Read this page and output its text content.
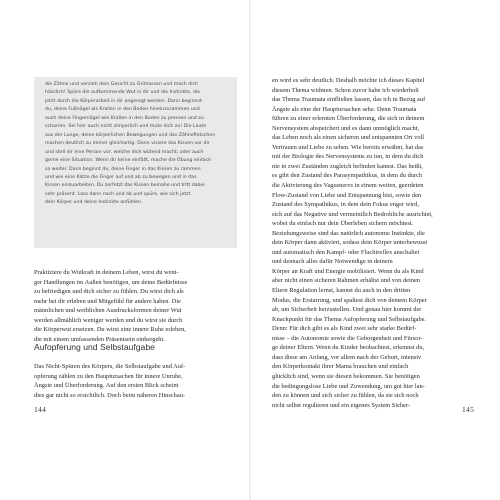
die Zähne und verzieh dein Gesicht zu Grimassen und mach dich
hässlich! Spüre die aufkommende Wut in dir und die Instinkte, die
jetzt durch die Körperarbeit in dir angeregt werden. Dann beginnst
du, deine Fußnägel als Krallen in den Boden hineinzurammen und
auch deine Fingernägel wie Krallen in den Boden zu pressen und zu
scharren. Sei hier auch nicht zimperlich und mute dich zu! Die Laute
aus der Lunge, deine körperlichen Bewegungen und das Zähnefletschen
machen deutlich zu immer gleichartig. Dann visiere das Kissen vor dir
und stell dir eine Person vor, welche dich wütend macht; oder auch
gerne eine Situation. Wenn dir keine einfällt, mache die Übung einfach
so weiter. Dann beginnt du, deine Finger in das Kissen zu rammen
und wie eine Katze die Finger auf und ab zu bewegen und in das
Kissen einzuarbeiten. Du zerfetzt das Kissen beinahe und tritt dabei
sehr präsent. Lass dann nach und ab und spüre, wie sich jetzt
dein Körper und deine Instinkte anfühlen.
Praktiziere du Wutkraft in deinem Leben, wirst du weni-
ger Handlungen im Außen benötigen, um deine Bedürfnisse
zu befriedigen und dich sicher zu fühlen. Du wirst dich als
mehr bei dir erleben und Mitgefühl für andere haben. Die
männlichen und weiblichen Ausdrucksformen deiner Wut
werden allmählich weniger werden und du wirst sie durch
die Körperwut ersetzen. Du wirst eine innere Ruhe erleben,
die mit einem umfassenden Präsentsein einhergeht.
Aufopferung und Selbstaufgabe
Das Nicht-Spüren des Körpers, die Selbstaufgabe und Auf-
opferung zählen zu den Hauptursachen für innere Unruhe,
Ängste und Überforderung. Auf den ersten Blick scheint
dies gar nicht so ersichtlich. Doch beim näheren Hinschau-
144
en wird es sehr deutlich. Deshalb möchte ich dieses Kapitel
diesem Thema widmen. Schon zuvor habe ich wiederholt
das Thema Traumata einfließen lassen, das ich in Bezug auf
Ängste als eine der Hauptursachen sehe. Denn Traumata
führen zu einer erlernten Überforderung, die sich in deinem
Nervensystem abspeichert und es dann unmöglich macht,
das Leben noch als einen sicheren und entspannten Ort voll
Vertrauen und Liebe zu sehen. Wie bereits erwähnt, hat das
mit der Biologie des Nervensystems zu tun, in dem du dich
nie in zwei Zuständen zugleich befinden kannst. Das heißt,
es gibt den Zustand des Parasympathikus, in dem du durch
die Aktivierung des Vagusnervs in einem weiten, geerdeten
Flow-Zustand von Liebe und Entspannung bist, sowie den
Zustand des Sympathikus, in dem dein Fokus enger wird,
sich auf das Negative und vermeintlich Bedrohliche ausrichtet,
wobei du einfach nur dein Überleben sichern möchtest.
Beziehungsweise sind das natürlich autonome Instinkte, die
dein Körper dann aktiviert, sodass dein Körper unterbewusst
und automatisch den Kampf- oder Fluchtreflex anschaltet
und dennach alles dafür Notwendige in deinem
Körper an Kraft und Energie mobilisiert. Wenn du als Kind
aber nicht einen sicheren Rahmen erhältst und von deinen
Eltern Regulation lernst, kannst du auch in den dritten
Modus, die Erstarrung, und spaltest dich von deinem Körper
ab, um Sicherheit herzustellen. Und genau hier kommt der
Knackpunkt für das Thema Aufopferung und Selbstaufgabe.
Denn: Für dich gibt es als Kind zwei sehr starke Bedürf-
nisse – die Autonomie sowie die Geborgenheit und Fürsor-
ge deiner Eltern. Wenn du Kinder beobachtest, erkennst du,
dass diese am Anfang, vor allem nach der Geburt, intensiv
den Körperkontakt ihrer Mama brauchen und einfach
glücklich sind, wenn sie diesen bekommen. Sie benötigen
die bedingungslose Liebe und Zuwendung, um gut hier lan-
den zu können und sich sicher zu fühlen, da sie sich noch
nicht selbst regulieren und ein eigenes System Sicher-	145
